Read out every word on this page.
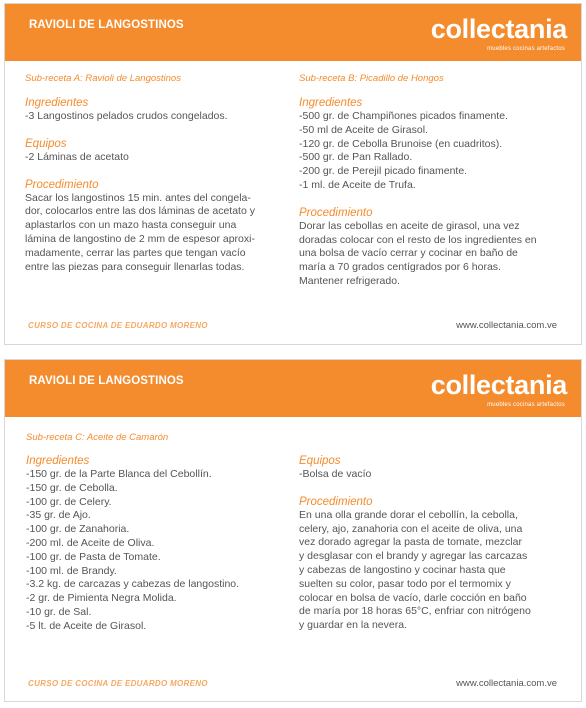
RAVIOLI DE LANGOSTINOS	collectania
muebles cocinas artefactos
Sub-receta A: Ravioli de Langostinos
Ingredientes
-3 Langostinos pelados crudos congelados.
Equipos
-2 Láminas de acetato
Procedimiento
Sacar los langostinos 15 min. antes del congela-
dor, colocarlos entre las dos láminas de acetato y
aplastarlos con un mazo hasta conseguir una
lámina de langostino de 2 mm de espesor aproxi-
madamente, cerrar las partes que tengan vacío
entre las piezas para conseguir llenarlas todas.
Sub-receta B: Picadillo de Hongos
Ingredientes
-500 gr. de Champiñones picados finamente.
-50 ml de Aceite de Girasol.
-120 gr. de Cebolla Brunoise (en cuadritos).
-500 gr. de Pan Rallado.
-200 gr. de Perejil picado finamente.
-1 ml. de Aceite de Trufa.
Procedimiento
Dorar las cebollas en aceite de girasol, una vez
doradas colocar con el resto de los ingredientes en
una bolsa de vacío cerrar y cocinar en baño de
maría a 70 grados centígrados por 6 horas.
Mantener refrigerado.
CURSO DE COCINA DE EDUARDO MORENO	www.collectania.com.ve
RAVIOLI DE LANGOSTINOS	collectania
muebles cocinas artefactos
Sub-receta C: Aceite de Camarón
Ingredientes
-150 gr. de la Parte Blanca del Cebollín.
-150 gr. de Cebolla.
-100 gr. de Celery.
-35 gr. de Ajo.
-100 gr. de Zanahoria.
-200 ml. de Aceite de Oliva.
-100 gr. de Pasta de Tomate.
-100 ml. de Brandy.
-3.2 kg. de carcazas y cabezas de langostino.
-2 gr. de Pimienta Negra Molida.
-10 gr. de Sal.
-5 lt. de Aceite de Girasol.
Equipos
-Bolsa de vacío
Procedimiento
En una olla grande dorar el cebollín, la cebolla,
celery, ajo, zanahoria con el aceite de oliva, una
vez dorado agregar la pasta de tomate, mezclar
y desglasar con el brandy y agregar las carcazas
y cabezas de langostino y cocinar hasta que
suelten su color, pasar todo por el termomix y
colocar en bolsa de vacío, darle cocción en baño
de maría por 18 horas 65°C, enfriar con nitrógeno
y guardar en la nevera.
CURSO DE COCINA DE EDUARDO MORENO	www.collectania.com.ve
